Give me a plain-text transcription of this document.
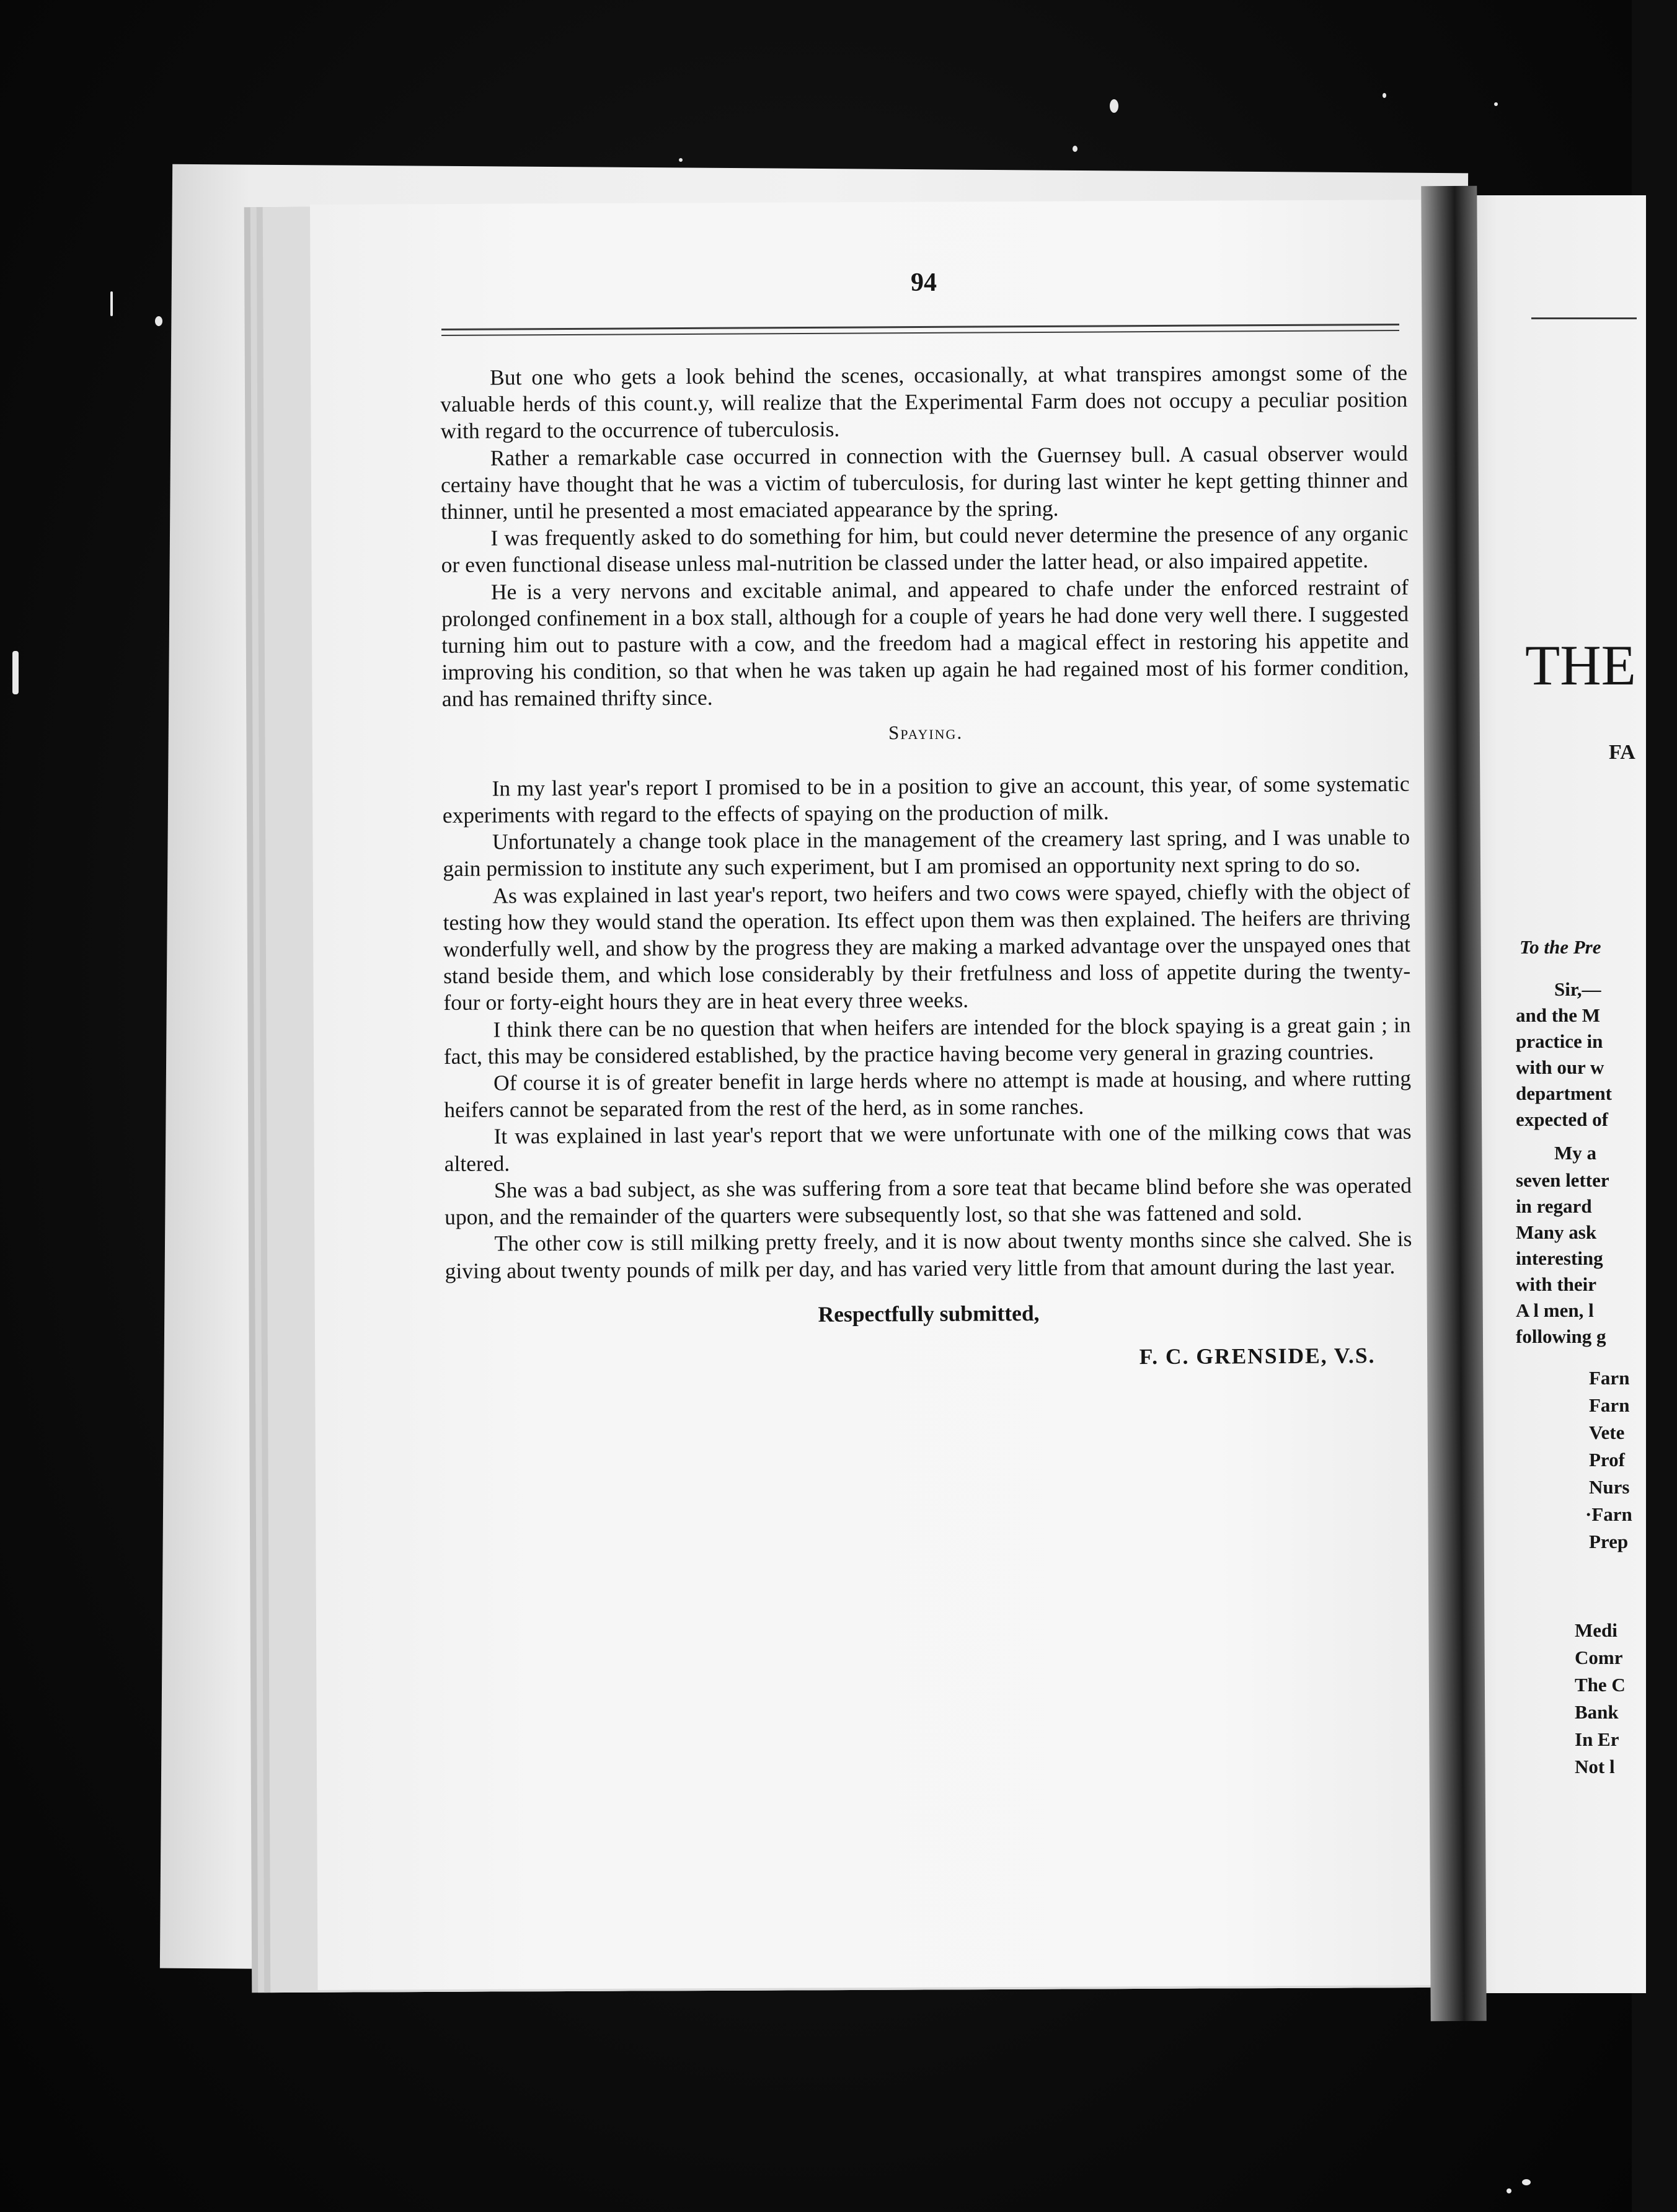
94

But one who gets a look behind the scenes, occasionally, at what transpires amongst some of the valuable herds of this count.y, will realize that the Experimental Farm does not occupy a peculiar position with regard to the occurrence of tuberculosis.

Rather a remarkable case occurred in connection with the Guernsey bull. A casual observer would certainy have thought that he was a victim of tuberculosis, for during last winter he kept getting thinner and thinner, until he presented a most emaciated appearance by the spring.

I was frequently asked to do something for him, but could never determine the presence of any organic or even functional disease unless mal-nutrition be classed under the latter head, or also impaired appetite.

He is a very nervons and excitable animal, and appeared to chafe under the enforced restraint of prolonged confinement in a box stall, although for a couple of years he had done very well there. I suggested turning him out to pasture with a cow, and the freedom had a magical effect in restoring his appetite and improving his condition, so that when he was taken up again he had regained most of his former condition, and has remained thrifty since.

Spaying.

In my last year's report I promised to be in a position to give an account, this year, of some systematic experiments with regard to the effects of spaying on the production of milk.

Unfortunately a change took place in the management of the creamery last spring, and I was unable to gain permission to institute any such experiment, but I am promised an opportunity next spring to do so.

As was explained in last year's report, two heifers and two cows were spayed, chiefly with the object of testing how they would stand the operation. Its effect upon them was then explained. The heifers are thriving wonderfully well, and show by the progress they are making a marked advantage over the unspayed ones that stand beside them, and which lose considerably by their fretfulness and loss of appetite during the twenty-four or forty-eight hours they are in heat every three weeks.

I think there can be no question that when heifers are intended for the block spaying is a great gain ; in fact, this may be considered established, by the practice having become very general in grazing countries.

Of course it is of greater benefit in large herds where no attempt is made at housing, and where rutting heifers cannot be separated from the rest of the herd, as in some ranches.

It was explained in last year's report that we were unfortunate with one of the milking cows that was altered.

She was a bad subject, as she was suffering from a sore teat that became blind before she was operated upon, and the remainder of the quarters were subsequently lost, so that she was fattened and sold.

The other cow is still milking pretty freely, and it is now about twenty months since she calved. She is giving about twenty pounds of milk per day, and has varied very little from that amount during the last year.

Respectfully submitted,

F. C. GRENSIDE, V.S.

THE
FA
To the Pre
Sir,—
and the M
practice in
with our w
department
expected of
My a
seven letter
in regard
Many ask
interesting
with their
A l men, l
following g
Farn
Farn
Vete
Prof
Nurs
·Farn
Prep
Medi
Comr
The C
Bank
In Er
Not l
